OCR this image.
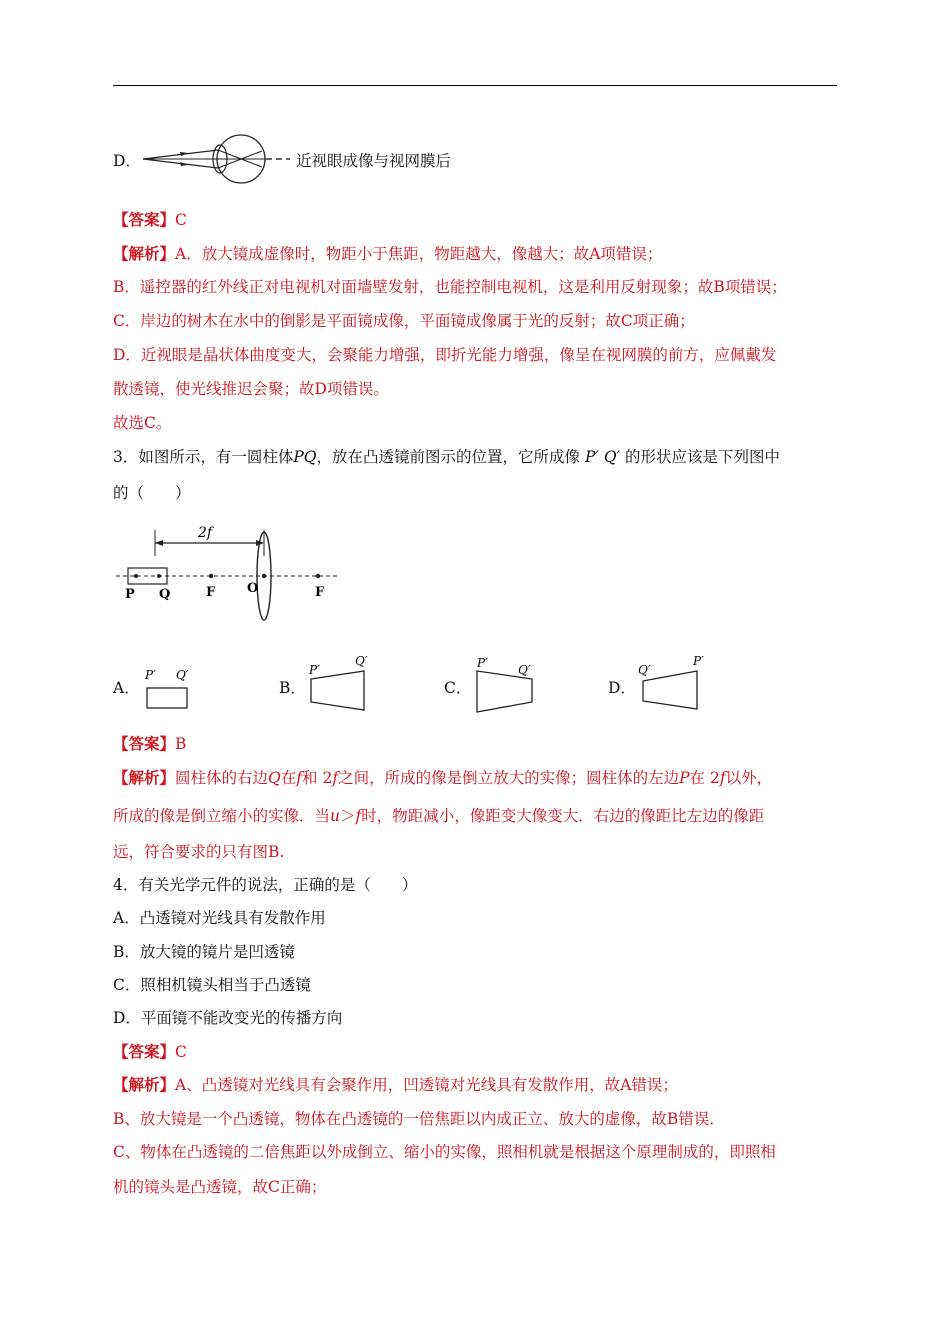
D．	近视眼成像与视网膜后
【答案】C
【解析】A．放大镜成虚像时，物距小于焦距，物距越大，像越大；故A项错误；
B．遥控器的红外线正对电视机对面墙壁发射，也能控制电视机，这是利用反射现象；故B项错误；
C．岸边的树木在水中的倒影是平面镜成像，平面镜成像属于光的反射；故C项正确；
D．近视眼是晶状体曲度变大，会聚能力增强，即折光能力增强，像呈在视网膜的前方，应佩戴发
散透镜，使光线推迟会聚；故D项错误。
故选C。
3．如图所示，有一圆柱体PQ，放在凸透镜前图示的位置，它所成像 P′ Q′ 的形状应该是下列图中
的（　　）
2f
P Q	F O	F
A．
P′ Q′
B．
P′
Q′
C．
P′	Q′
D．
Q′
P′
【答案】B
【解析】圆柱体的右边Q在f和 2f之间，所成的像是倒立放大的实像；圆柱体的左边P在 2f以外，
所成的像是倒立缩小的实像．当u＞f时，物距减小，像距变大像变大．右边的像距比左边的像距
远，符合要求的只有图B.
4．有关光学元件的说法，正确的是（　　）
A．凸透镜对光线具有发散作用
B．放大镜的镜片是凹透镜
C．照相机镜头相当于凸透镜
D．平面镜不能改变光的传播方向
【答案】C
【解析】A、凸透镜对光线具有会聚作用，凹透镜对光线具有发散作用，故A错误；
B、放大镜是一个凸透镜，物体在凸透镜的一倍焦距以内成正立、放大的虚像，故B错误．
C、物体在凸透镜的二倍焦距以外成倒立、缩小的实像，照相机就是根据这个原理制成的，即照相
机的镜头是凸透镜，故C正确；
